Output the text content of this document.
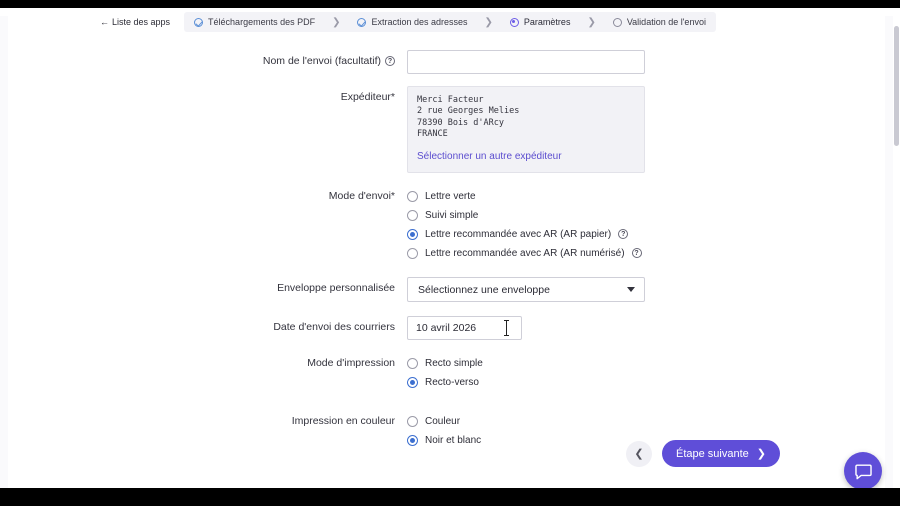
← Liste des apps	Téléchargements des PDF	❯	Extraction des adresses	❯	Paramètres	❯	Validation de l'envoi
Nom de l'envoi (facultatif) ?
Expéditeur*	Merci Facteur
2 rue Georges Melies
78390 Bois d'ARcy
FRANCE
Sélectionner un autre expéditeur
Mode d'envoi*	Lettre verte
Suivi simple
Lettre recommandée avec AR (AR papier)	?
Lettre recommandée avec AR (AR numérisé)	?
Enveloppe personnalisée Sélectionnez une enveloppe
Date d'envoi des courriers 10 avril 2026
Mode d'impression	Recto simple
Recto-verso
Impression en couleur	Couleur
Noir et blanc
❮	Étape suivante ❯
